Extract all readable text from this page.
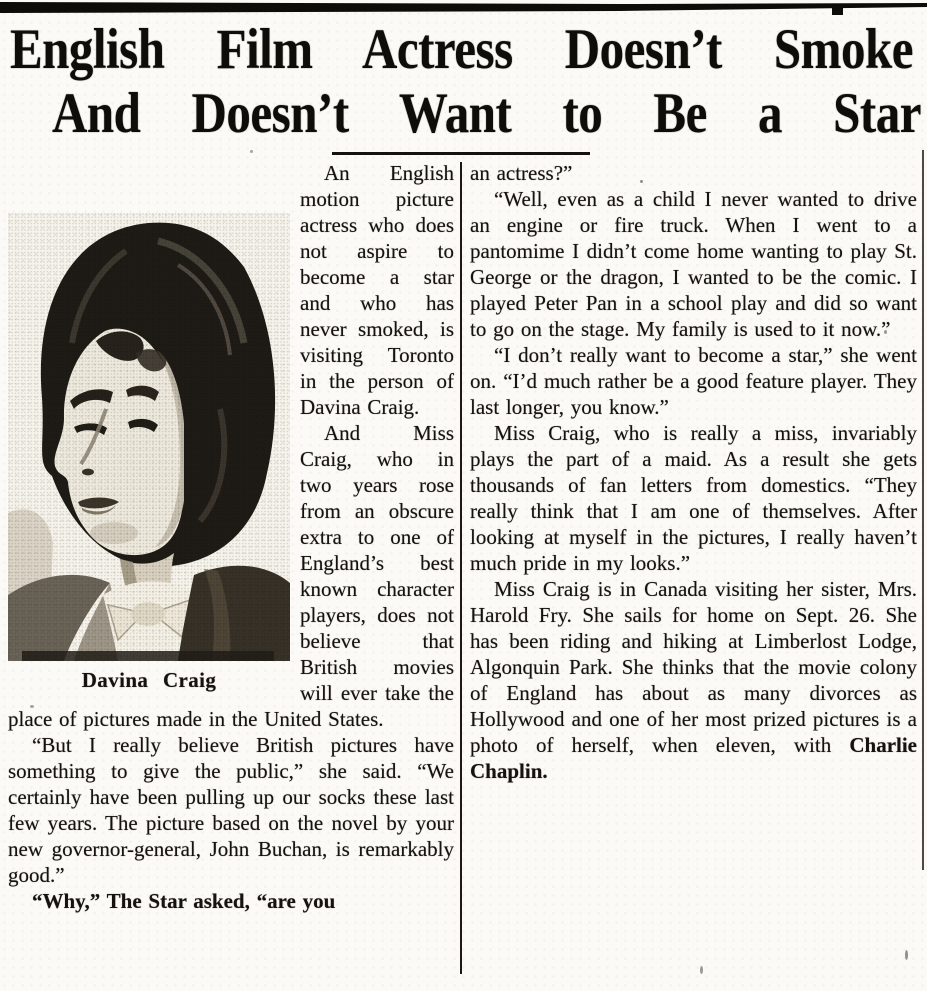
English Film Actress Doesn’t Smoke
And Doesn’t Want to Be a Star
Davina Craig

An English motion picture actress who does not aspire to become a star and who has never smoked, is visiting Toronto in the person of Davina Craig.

And Miss Craig, who in two years rose from an obscure extra to one of England’s best known character players, does not believe that British movies will ever take the place of pictures made in the United States.

“But I really believe British pictures have something to give the public,” she said. “We certainly have been pulling up our socks these last few years. The picture based on the novel by your new governor-general, John Buchan, is remarkably good.”

“Why,” The Star asked, “are you

an actress?”

“Well, even as a child I never wanted to drive an engine or fire truck. When I went to a pantomime I didn’t come home wanting to play St. George or the dragon, I wanted to be the comic. I played Peter Pan in a school play and did so want to go on the stage. My family is used to it now.”

“I don’t really want to become a star,” she went on. “I’d much rather be a good feature player. They last longer, you know.”

Miss Craig, who is really a miss, invariably plays the part of a maid. As a result she gets thousands of fan letters from domestics. “They really think that I am one of themselves. After looking at myself in the pictures, I really haven’t much pride in my looks.”

Miss Craig is in Canada visiting her sister, Mrs. Harold Fry. She sails for home on Sept. 26. She has been riding and hiking at Limberlost Lodge, Algonquin Park. She thinks that the movie colony of England has about as many divorces as Hollywood and one of her most prized pictures is a photo of herself, when eleven, with Charlie Chaplin.
